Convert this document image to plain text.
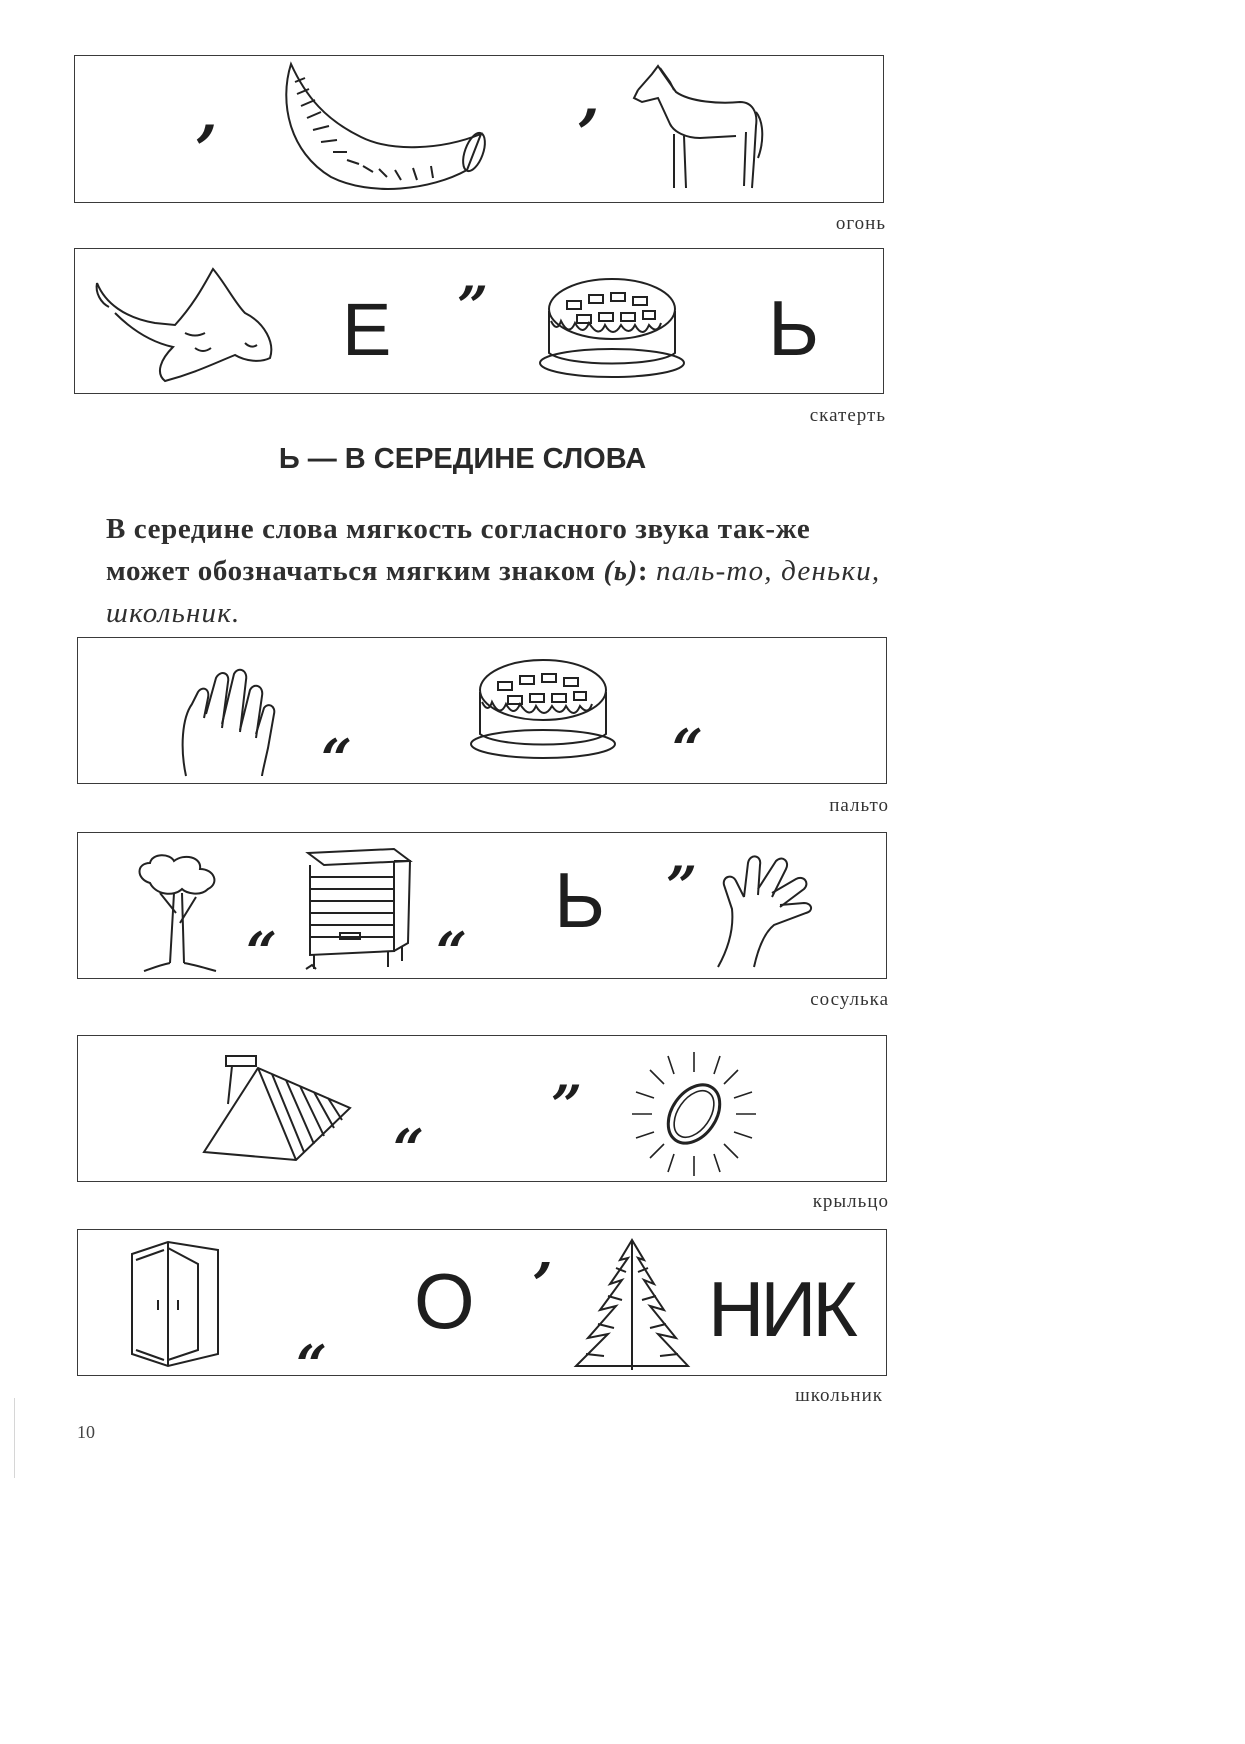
,	,
огонь
Е ”	Ь
скатерть
Ь — В СЕРЕДИНЕ СЛОВА
В середине слова мягкость согласного звука так-же может обозначаться мягким знаком (ь): паль-то, деньки, школьник.
“	“
пальто
“	“
Ь ”
сосулька
“
”
крыльцо
“
О ’ НИК
школьник
10
